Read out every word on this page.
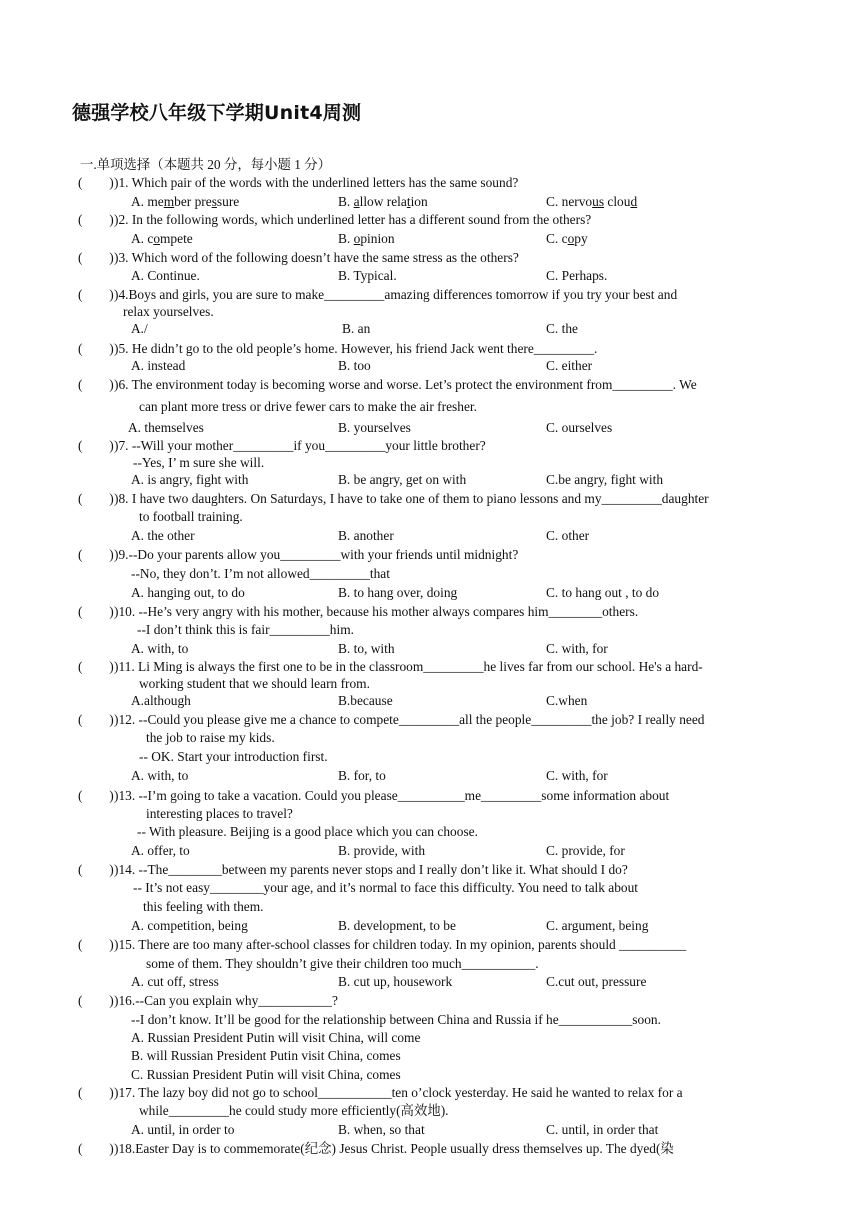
德强学校八年级下学期Unit4周测
一.单项选择（本题共 20 分，每小题 1 分）
(        ) )1. Which pair of the words with the underlined letters has the same sound?
A. member pressure	B. allow relation	C. nervous cloud
(        ) )2. In the following words, which underlined letter has a different sound from the others?
A. compete	B. opinion	C. copy
(        ) )3. Which word of the following doesn’t have the same stress as the others?
A. Continue.	B. Typical.	C. Perhaps.
(        ) )4.Boys and girls, you are sure to make_________amazing differences tomorrow if you try your best and
relax yourselves.
A./	B. an	C. the
(        ) )5. He didn’t go to the old people’s home. However, his friend Jack went there_________.
A. instead	B. too	C. either
(        ) )6. The environment today is becoming worse and worse. Let’s protect the environment from_________. We
can plant more tress or drive fewer cars to make the air fresher.
A. themselves	B. yourselves	C. ourselves
(        ) )7. --Will your mother_________if you_________your little brother?
--Yes, I’ m sure she will.
A. is angry, fight with	B. be angry, get on with	C.be angry, fight with
(        ) )8. I have two daughters. On Saturdays, I have to take one of them to piano lessons and my_________daughter
to football training.
A. the other	B. another	C. other
(        ) )9.--Do your parents allow you_________with your friends until midnight?
--No, they don’t. I’m not allowed_________that
A. hanging out, to do	B. to hang over, doing	C. to hang out , to do
(        ) )10. --He’s very angry with his mother, because his mother always compares him________others.
--I don’t think this is fair_________him.
A. with, to	B. to, with	C. with, for
(        ) )11. Li Ming is always the first one to be in the classroom_________he lives far from our school. He's a hard-
working student that we should learn from.
A.although	B.because	C.when
(        ) )12. --Could you please give me a chance to compete_________all the people_________the job? I really need
the job to raise my kids.
-- OK. Start your introduction first.
A. with, to	B. for, to	C. with, for
(        ) )13. --I’m going to take a vacation. Could you please__________me_________some information about
interesting places to travel?
-- With pleasure. Beijing is a good place which you can choose.
A. offer, to	B. provide, with	C. provide, for
(        ) )14. --The________between my parents never stops and I really don’t like it. What should I do?
-- It’s not easy________your age, and it’s normal to face this difficulty. You need to talk about
this feeling with them.
A. competition, being	B. development, to be	C. argument, being
(        ) )15. There are too many after-school classes for children today. In my opinion, parents should __________
some of them. They shouldn’t give their children too much___________.
A. cut off, stress	B. cut up, housework	C.cut out, pressure
(        ) )16.--Can you explain why___________?
--I don’t know. It’ll be good for the relationship between China and Russia if he___________soon.
A. Russian President Putin will visit China, will come
B. will Russian President Putin visit China, comes
C. Russian President Putin will visit China, comes
(        ) )17. The lazy boy did not go to school___________ten o’clock yesterday. He said he wanted to relax for a
while_________he could study more efficiently(高效地).
A. until, in order to	B. when, so that	C. until, in order that
(        ) )18.Easter Day is to commemorate(纪念) Jesus Christ. People usually dress themselves up. The dyed(染
